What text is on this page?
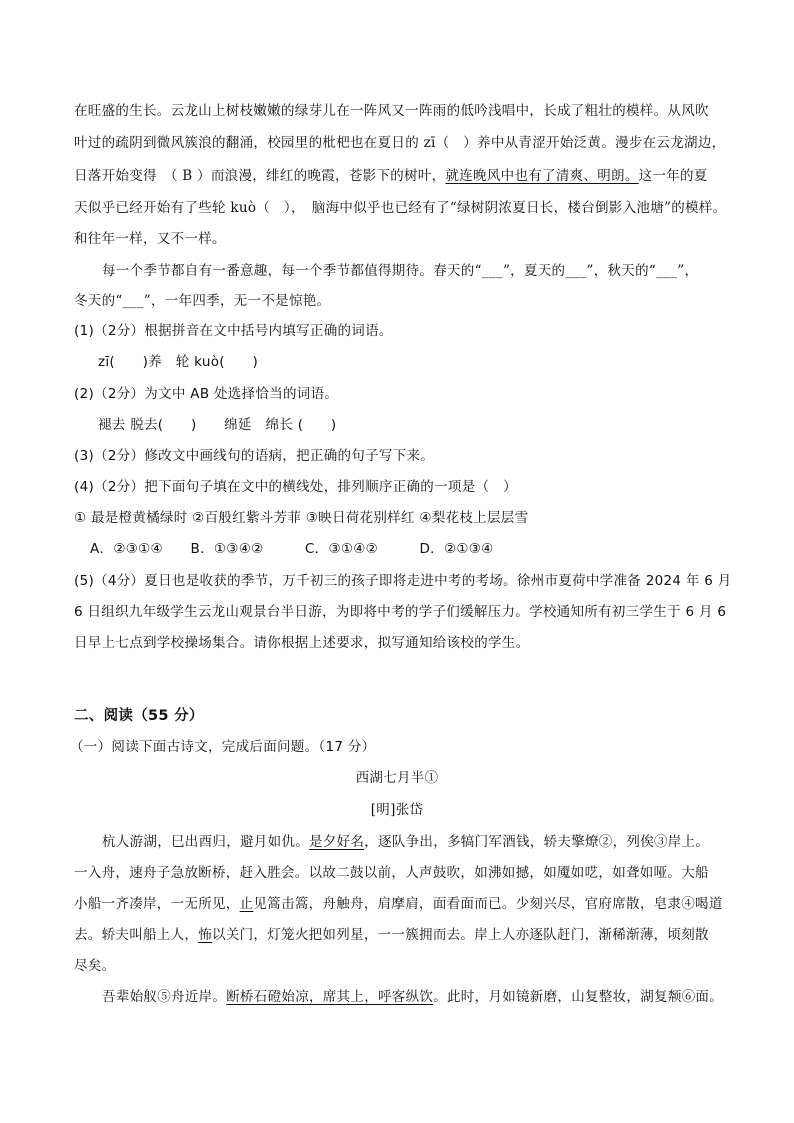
在旺盛的生长。云龙山上树枝嫩嫩的绿芽儿在一阵风又一阵雨的低吟浅唱中，长成了粗壮的模样。从风吹
叶过的疏阴到微风簇浪的翻涌，校园里的枇杷也在夏日的 zī（　）养中从青涩开始泛黄。漫步在云龙湖边，
日落开始变得　（ B ）而浪漫，绯红的晚霞，苍影下的树叶，就连晚风中也有了清爽、明朗。这一年的夏
天似乎已经开始有了些轮 kuò（　），　脑海中似乎也已经有了“绿树阴浓夏日长，楼台倒影入池塘”的模样。
和往年一样，又不一样。
每一个季节都自有一番意趣，每一个季节都值得期待。春天的“___”，夏天的___”，秋天的“___”，
冬天的“___”，一年四季，无一不是惊艳。
(1)（2分）根据拼音在文中括号内填写正确的词语。
zī(　　)养　轮 kuò(　　)
(2)（2分）为文中 AB 处选择恰当的词语。
褪去 脱去(　　)　　绵延　绵长 (　　)
(3)（2分）修改文中画线句的语病，把正确的句子写下来。
(4)（2分）把下面句子填在文中的横线处，排列顺序正确的一项是（　）
① 最是橙黄橘绿时 ②百般红紫斗芳菲 ③映日荷花别样红 ④梨花枝上层层雪
A．②③①④　　B．①③④②　　　C．③①④②　　　D．②①③④
(5)（4分）夏日也是收获的季节，万千初三的孩子即将走进中考的考场。徐州市夏荷中学准备 2024 年 6 月
6 日组织九年级学生云龙山观景台半日游，为即将中考的学子们缓解压力。学校通知所有初三学生于 6 月 6
日早上七点到学校操场集合。请你根据上述要求，拟写通知给该校的学生。
二、阅读（55 分）
（一）阅读下面古诗文，完成后面问题。（17 分）
西湖七月半①
[明]张岱
杭人游湖，巳出酉归，避月如仇。是夕好名，逐队争出，多犒门军酒钱，轿夫擎燎②，列俟③岸上。
一入舟，速舟子急放断桥，赶入胜会。以故二鼓以前，人声鼓吹，如沸如撼，如魇如呓，如聋如哑。大船
小船一齐凑岸，一无所见，止见篙击篙，舟触舟，肩摩肩，面看面而已。少刻兴尽，官府席散，皂隶④喝道
去。轿夫叫船上人，怖以关门，灯笼火把如列星，一一簇拥而去。岸上人亦逐队赶门，渐稀渐薄，顷刻散
尽矣。
吾辈始舣⑤舟近岸。断桥石磴始凉，席其上，呼客纵饮。此时，月如镜新磨，山复整妆，湖复颒⑥面。
